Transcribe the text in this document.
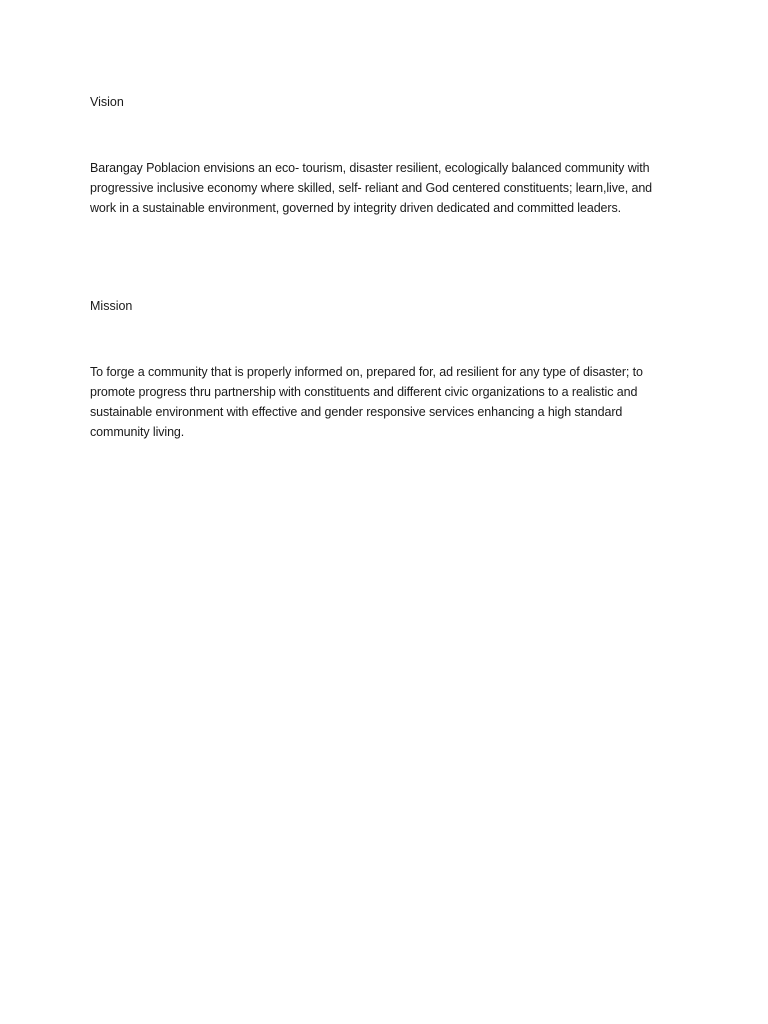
Vision

Barangay Poblacion envisions an eco- tourism, disaster resilient, ecologically balanced community with
progressive inclusive economy where skilled, self- reliant and God centered constituents; learn,live, and
work in a sustainable environment, governed by integrity driven dedicated and committed leaders.

Mission

To forge a community that is properly informed on, prepared for, ad resilient for any type of disaster; to
promote progress thru partnership with constituents and different civic organizations to a realistic and
sustainable environment with effective and gender responsive services enhancing a high standard
community living.
